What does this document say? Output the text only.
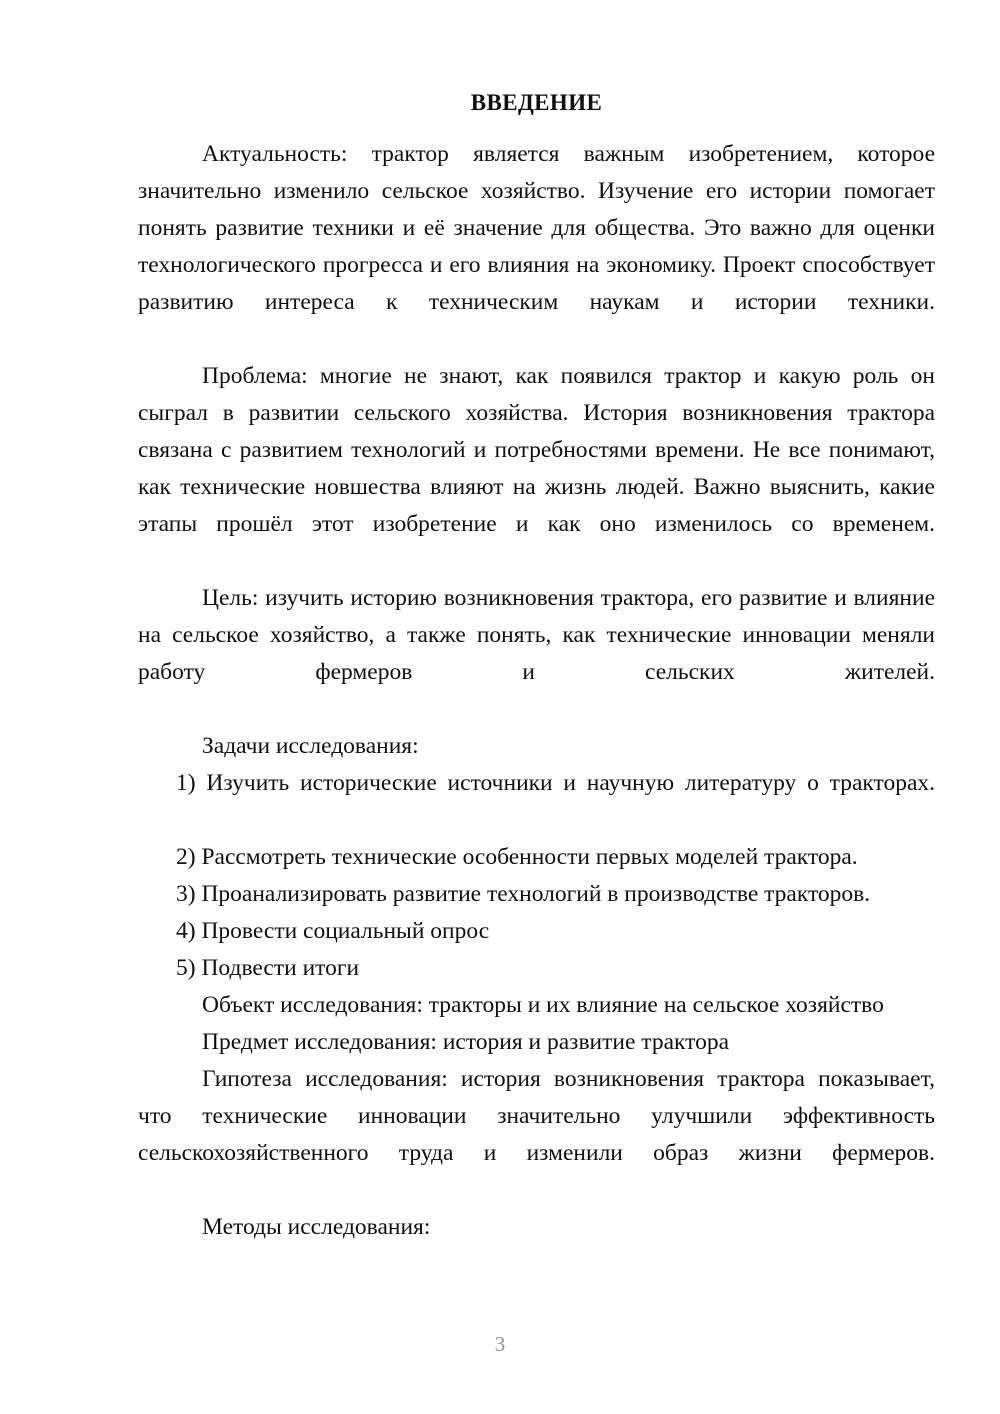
ВВЕДЕНИЕ

Актуальность: трактор является важным изобретением, которое значительно изменило сельское хозяйство. Изучение его истории помогает понять развитие техники и её значение для общества. Это важно для оценки технологического прогресса и его влияния на экономику. Проект способствует развитию интереса к техническим наукам и истории техники.

Проблема: многие не знают, как появился трактор и какую роль он сыграл в развитии сельского хозяйства. История возникновения трактора связана с развитием технологий и потребностями времени. Не все понимают, как технические новшества влияют на жизнь людей. Важно выяснить, какие этапы прошёл этот изобретение и как оно изменилось со временем.

Цель: изучить историю возникновения трактора, его развитие и влияние на сельское хозяйство, а также понять, как технические инновации меняли работу фермеров и сельских жителей.

Задачи исследования:

1) Изучить исторические источники и научную литературу о тракторах.

2) Рассмотреть технические особенности первых моделей трактора.

3) Проанализировать развитие технологий в производстве тракторов.

4) Провести социальный опрос

5) Подвести итоги

Объект исследования: тракторы и их влияние на сельское хозяйство

Предмет исследования: история и развитие трактора

Гипотеза исследования: история возникновения трактора показывает, что технические инновации значительно улучшили эффективность сельскохозяйственного труда и изменили образ жизни фермеров.

Методы исследования:

3
